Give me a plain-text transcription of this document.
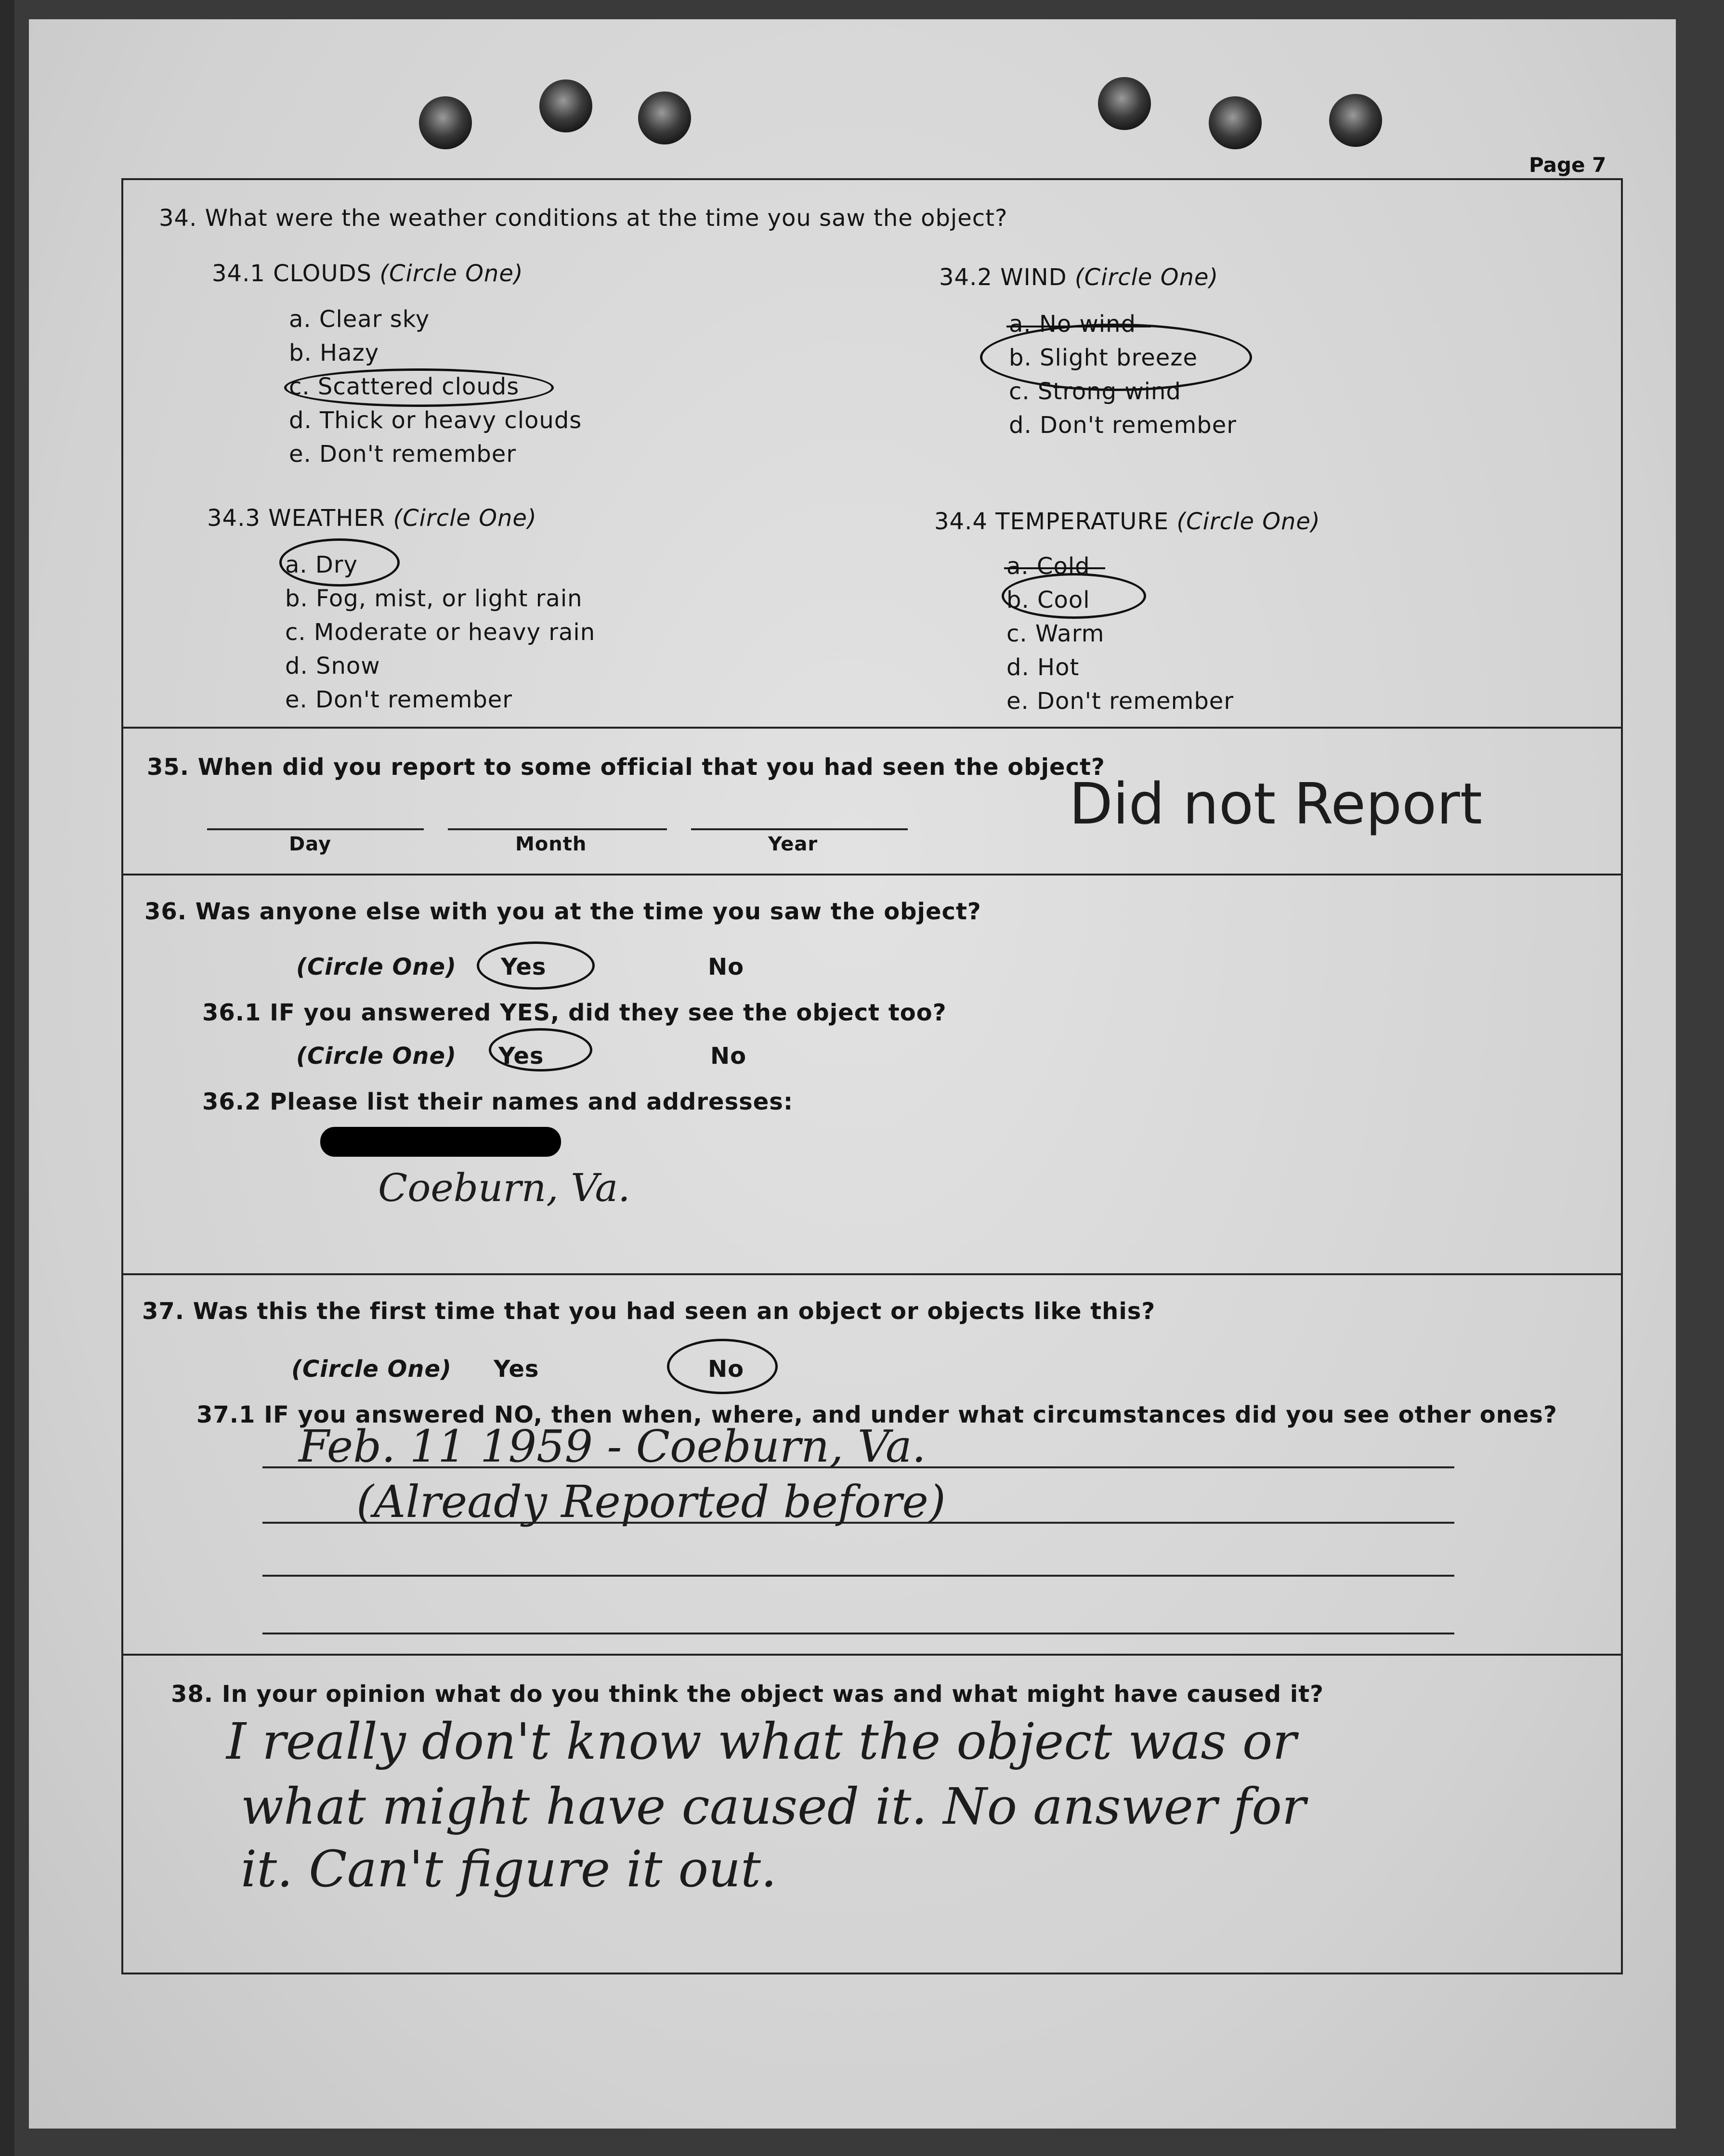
Page 7
34. What were the weather conditions at the time you saw the object?
34.1 CLOUDS (Circle One)
a. Clear sky
b. Hazy
c. Scattered clouds
d. Thick or heavy clouds
e. Don't remember
34.2 WIND (Circle One)
a. No wind
b. Slight breeze
c. Strong wind
d. Don't remember
34.3 WEATHER (Circle One)
a. Dry
b. Fog, mist, or light rain
c. Moderate or heavy rain
d. Snow
e. Don't remember
34.4 TEMPERATURE (Circle One)
a. Cold
b. Cool
c. Warm
d. Hot
e. Don't remember
35. When did you report to some official that you had seen the object?
Day	Month	Year
Did not Report
36. Was anyone else with you at the time you saw the object?
(Circle One) Yes	No
36.1 IF you answered YES, did they see the object too?
(Circle One) Yes	No
36.2 Please list their names and addresses:
Coeburn, Va.
37. Was this the first time that you had seen an object or objects like this?
(Circle One) Yes	No
37.1 IF you answered NO, then when, where, and under what circumstances did you see other ones?
Feb. 11 1959 - Coeburn, Va.
(Already Reported before)
38. In your opinion what do you think the object was and what might have caused it?
I really don't know what the object was or
what might have caused it. No answer for
it. Can't figure it out.
